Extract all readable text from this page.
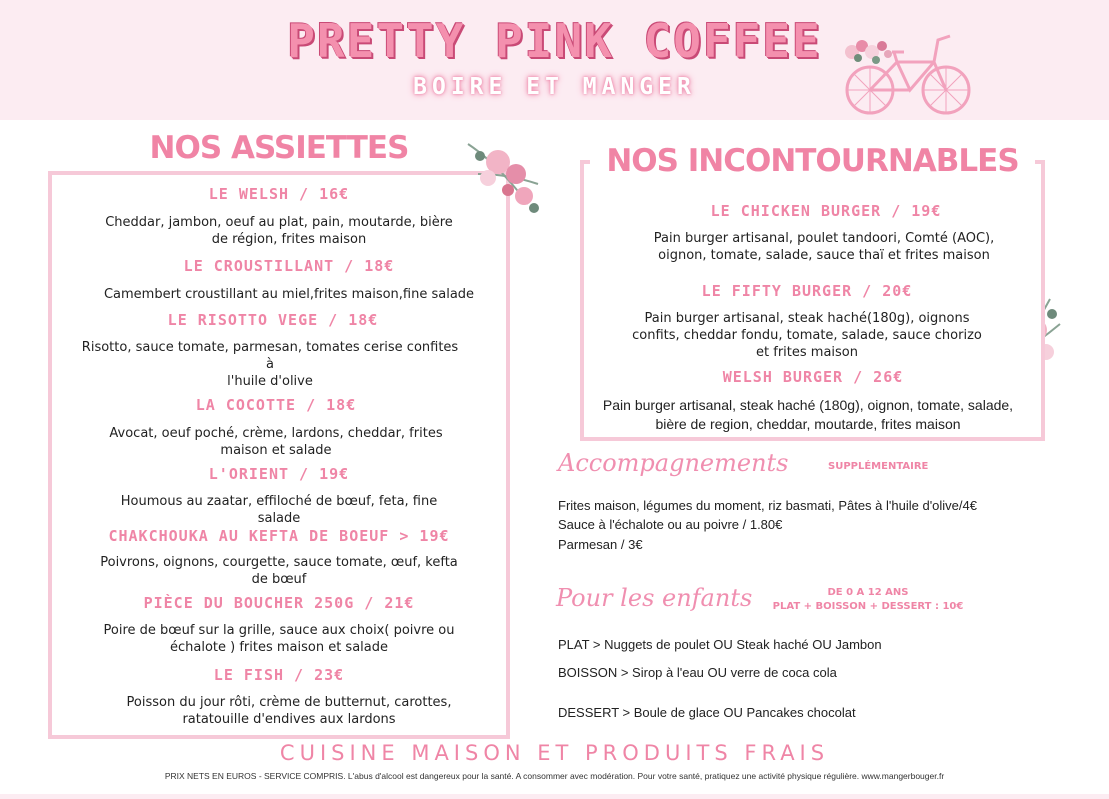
PRETTY PINK COFFEE
BOIRE ET MANGER
NOS ASSIETTES
LE WELSH / 16€
Cheddar, jambon, oeuf au plat, pain, moutarde, bière
de région, frites maison
LE CROUSTILLANT / 18€
Camembert croustillant au miel,frites maison,fine salade
LE RISOTTO VEGE / 18€
Risotto, sauce tomate, parmesan, tomates cerise confites
à
l'huile d'olive
LA COCOTTE / 18€
Avocat, oeuf poché, crème, lardons, cheddar, frites
maison et salade
L'ORIENT / 19€
Houmous au zaatar, effiloché de bœuf, feta, fine
salade
CHAKCHOUKA AU KEFTA DE BOEUF > 19€
Poivrons, oignons, courgette, sauce tomate, œuf, kefta
de bœuf
PIÈCE DU BOUCHER 250G / 21€
Poire de bœuf sur la grille, sauce aux choix( poivre ou
échalote ) frites maison et salade
LE FISH / 23€
Poisson du jour rôti, crème de butternut, carottes,
ratatouille d'endives aux lardons
NOS INCONTOURNABLES
LE CHICKEN BURGER / 19€
Pain burger artisanal, poulet tandoori, Comté (AOC),
oignon, tomate, salade, sauce thaï et frites maison
LE FIFTY BURGER / 20€
Pain burger artisanal, steak haché(180g), oignons
confits, cheddar fondu, tomate, salade, sauce chorizo
et frites maison
WELSH BURGER / 26€
Pain burger artisanal, steak haché (180g), oignon, tomate, salade,
bière de region, cheddar, moutarde, frites maison
Accompagnements	SUPPLÉMENTAIRE
Frites maison, légumes du moment, riz basmati, Pâtes à l'huile d'olive/4€
Sauce à l'échalote ou au poivre / 1.80€
Parmesan / 3€
Pour les enfants	DE 0 A 12 ANS
PLAT + BOISSON + DESSERT : 10€
PLAT > Nuggets de poulet OU Steak haché OU Jambon
BOISSON > Sirop à l'eau OU verre de coca cola
DESSERT > Boule de glace OU Pancakes chocolat
CUISINE MAISON ET PRODUITS FRAIS
PRIX NETS EN EUROS - SERVICE COMPRIS. L'abus d'alcool est dangereux pour la santé. A consommer avec modération. Pour votre santé, pratiquez une activité physique régulière. www.mangerbouger.fr
